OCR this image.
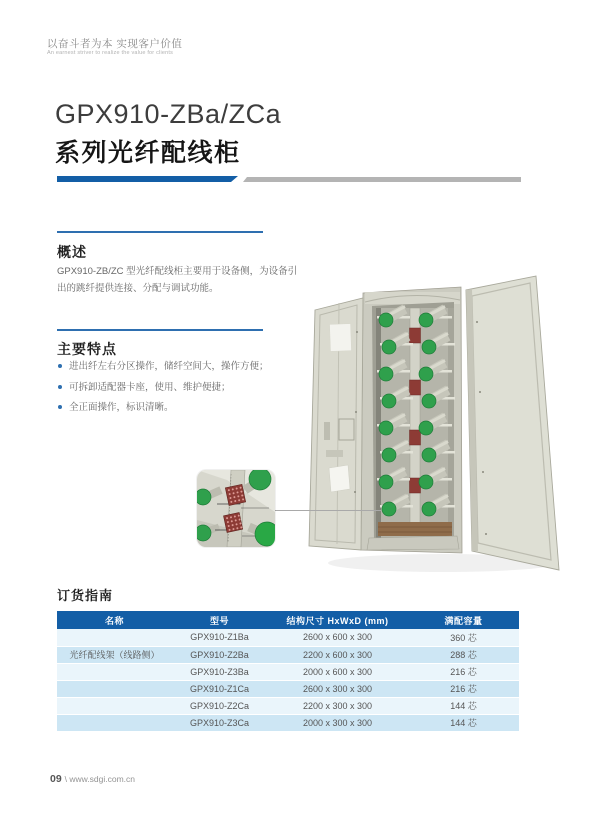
以奋斗者为本 实现客户价值
An earnest striver to realize the value for clients
GPX910-ZBa/ZCa
系列光纤配线柜
概述
GPX910-ZB/ZC 型光纤配线柜主要用于设备侧，为设备引出的跳纤提供连接、分配与调试功能。
主要特点
进出纤左右分区操作，储纤空间大，操作方便；
可拆卸适配器卡座，使用、维护便捷；
全正面操作，标识清晰。
订货指南
名称	型号	结构尺寸 HxWxD (mm)	满配容量
	GPX910-Z1Ba	2600 x 600 x 300	360 芯
光纤配线架（线路侧）	GPX910-Z2Ba	2200 x 600 x 300	288 芯
	GPX910-Z3Ba	2000 x 600 x 300	216 芯
	GPX910-Z1Ca	2600 x 300 x 300	216 芯
	GPX910-Z2Ca	2200 x 300 x 300	144 芯
	GPX910-Z3Ca	2000 x 300 x 300	144 芯
09 \ www.sdgi.com.cn
